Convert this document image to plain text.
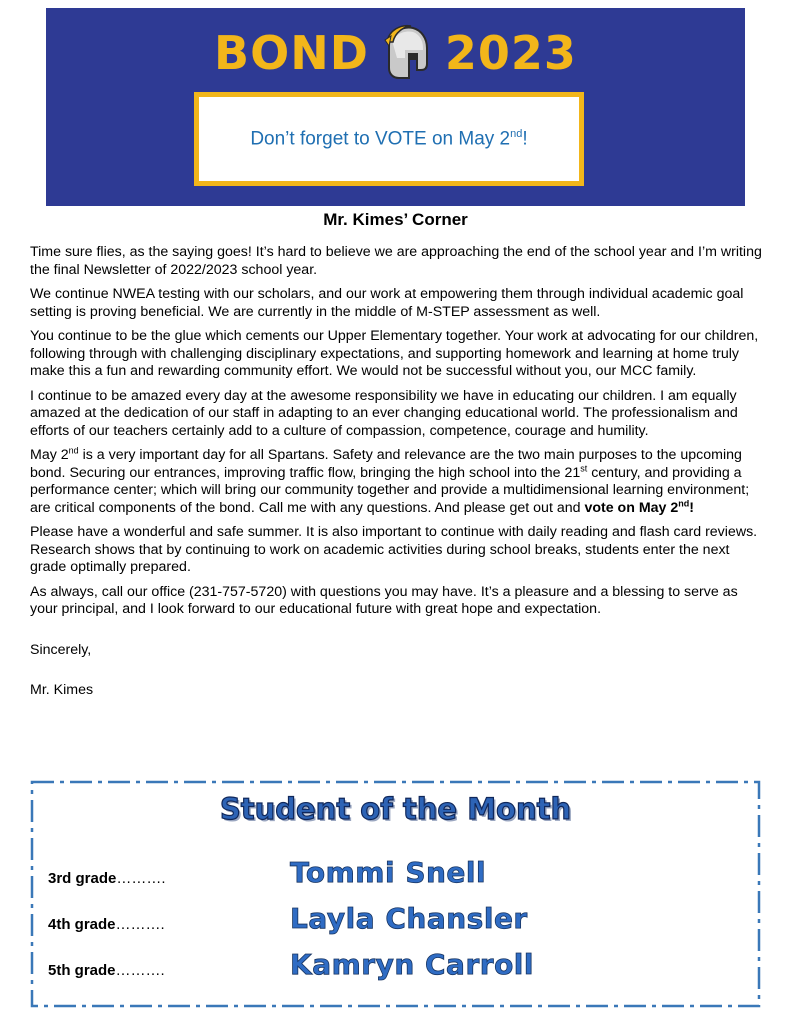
BOND 2023
Don’t forget to VOTE on May 2nd!
Mr. Kimes’ Corner

Time sure flies, as the saying goes! It’s hard to believe we are approaching the end of the school year and I’m writing the final Newsletter of 2022/2023 school year.

We continue NWEA testing with our scholars, and our work at empowering them through individual academic goal setting is proving beneficial. We are currently in the middle of M-STEP assessment as well.

You continue to be the glue which cements our Upper Elementary together. Your work at advocating for our children, following through with challenging disciplinary expectations, and supporting homework and learning at home truly make this a fun and rewarding community effort. We would not be successful without you, our MCC family.

I continue to be amazed every day at the awesome responsibility we have in educating our children. I am equally amazed at the dedication of our staff in adapting to an ever changing educational world. The professionalism and efforts of our teachers certainly add to a culture of compassion, competence, courage and humility.

May 2nd is a very important day for all Spartans. Safety and relevance are the two main purposes to the upcoming bond. Securing our entrances, improving traffic flow, bringing the high school into the 21st century, and providing a performance center; which will bring our community together and provide a multidimensional learning environment; are critical components of the bond. Call me with any questions. And please get out and vote on May 2nd!

Please have a wonderful and safe summer. It is also important to continue with daily reading and flash card reviews. Research shows that by continuing to work on academic activities during school breaks, students enter the next grade optimally prepared.

As always, call our office (231-757-5720) with questions you may have. It’s a pleasure and a blessing to serve as your principal, and I look forward to our educational future with great hope and expectation.

Sincerely,

Mr. Kimes

Student of the Month
3rd grade……….	Tommi Snell
4th grade……….	Layla Chansler
5th grade……….	Kamryn Carroll
